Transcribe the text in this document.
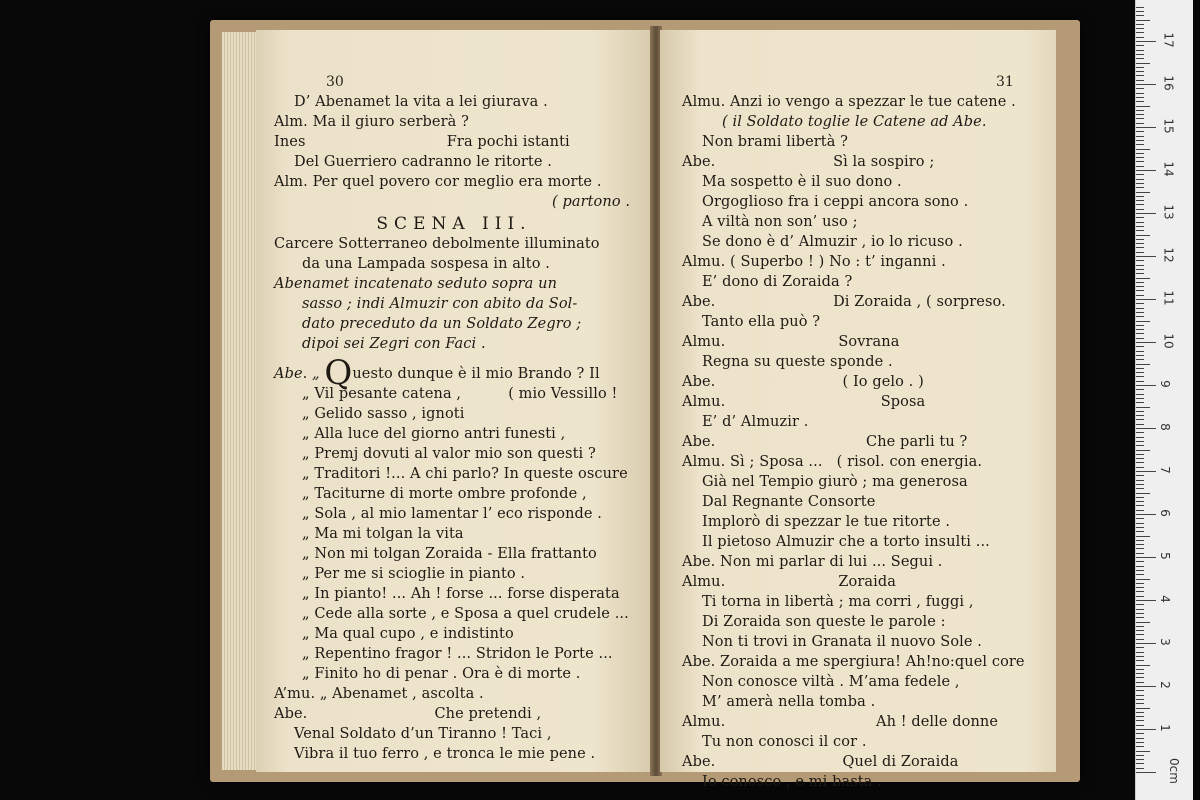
30
D’ Abenamet la vita a lei giurava .
Alm. Ma il giuro serberà ?
Ines                              Fra pochi istanti
Del Guerriero cadranno le ritorte .
Alm. Per quel povero cor meglio era morte .
( partono .
SCENA III.
Carcere Sotterraneo debolmente illuminato
da una Lampada sospesa in alto .
Abenamet incatenato seduto sopra un
sasso ; indi Almuzir con abito da Sol-
dato preceduto da un Soldato Zegro ;
dipoi sei Zegri con Faci .
Abe. „ Questo dunque è il mio Brando ? Il
„ Vil pesante catena ,          ( mio Vessillo !
„ Gelido sasso , ignoti
„ Alla luce del giorno antri funesti ,
„ Premj dovuti al valor mio son questi ?
„ Traditori !... A chi parlo? In queste oscure
„ Taciturne di morte ombre profonde ,
„ Sola , al mio lamentar l’ eco risponde .
„ Ma mi tolgan la vita
„ Non mi tolgan Zoraida - Ella frattanto
„ Per me si scioglie in pianto .
„ In pianto! ... Ah ! forse ... forse disperata
„ Cede alla sorte , e Sposa a quel crudele ...
„ Ma qual cupo , e indistinto
„ Repentino fragor ! ... Stridon le Porte ...
„ Finito ho di penar . Ora è di morte .
A’mu. „ Abenamet , ascolta .
Abe.                           Che pretendi ,
Venal Soldato d’un Tiranno ! Taci ,
Vibra il tuo ferro , e tronca le mie pene .
31
Almu. Anzi io vengo a spezzar le tue catene .
( il Soldato toglie le Catene ad Abe.
Non brami libertà ?
Abe.                         Sì la sospiro ;
Ma sospetto è il suo dono .
Orgoglioso fra i ceppi ancora sono .
A viltà non son’ uso ;
Se dono è d’ Almuzir , io lo ricuso .
Almu. ( Superbo ! ) No : t’ inganni .
E’ dono di Zoraida ?
Abe.                         Di Zoraida , ( sorpreso.
Tanto ella può ?
Almu.                        Sovrana
Regna su queste sponde .
Abe.                           ( Io gelo . )
Almu.                                 Sposa
E’ d’ Almuzir .
Abe.                                Che parli tu ?
Almu. Sì ; Sposa ...   ( risol. con energia.
Già nel Tempio giurò ; ma generosa
Dal Regnante Consorte
Implorò di spezzar le tue ritorte .
Il pietoso Almuzir che a torto insulti ...
Abe. Non mi parlar di lui ... Segui .
Almu.                        Zoraida
Ti torna in libertà ; ma corri , fuggi ,
Di Zoraida son queste le parole :
Non ti trovi in Granata il nuovo Sole .
Abe. Zoraida a me spergiura! Ah!no:quel core
Non conosce viltà . M’ama fedele ,
M’ amerà nella tomba .
Almu.                                Ah ! delle donne
Tu non conosci il cor .
Abe.                           Quel di Zoraida
Io conosco , e mi basta .
17
16
15
14
13
12
11
10
9
8
7
6
5
4
3
2
1
0cm
